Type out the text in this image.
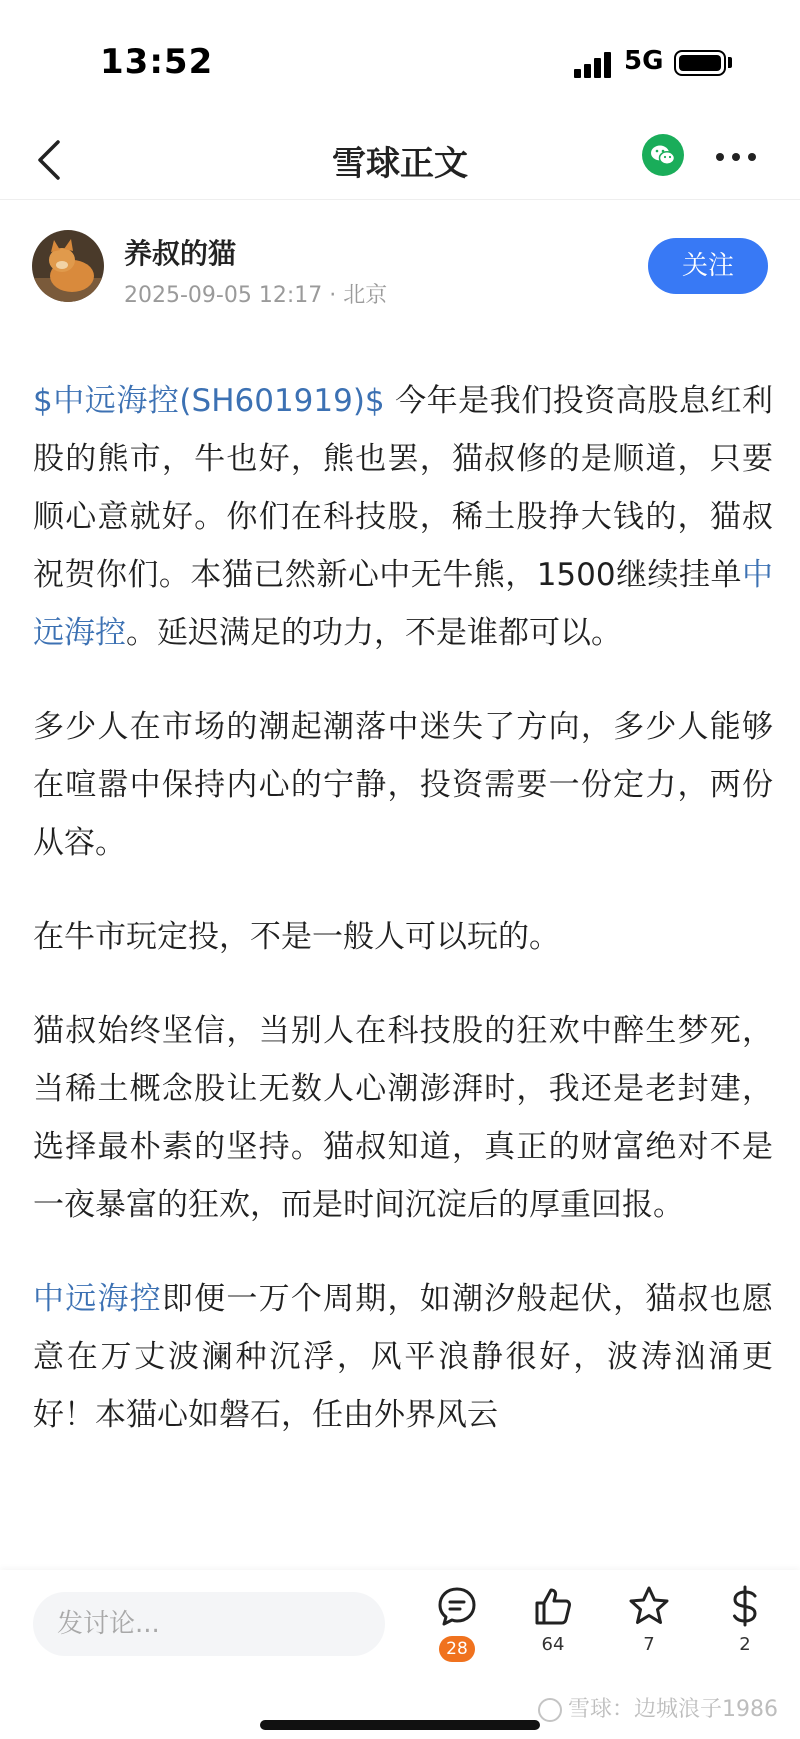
13:52	5G
雪球正文
养叔的猫
2025-09-05 12:17 · 北京
关注

$中远海控(SH601919)$ 今年是我们投资高股息红利股的熊市，牛也好，熊也罢，猫叔修的是顺道，只要顺心意就好。你们在科技股，稀土股挣大钱的，猫叔祝贺你们。本猫已然新心中无牛熊，1500继续挂单中远海控。延迟满足的功力，不是谁都可以。

多少人在市场的潮起潮落中迷失了方向，多少人能够在喧嚣中保持内心的宁静，投资需要一份定力，两份从容。

在牛市玩定投，不是一般人可以玩的。

猫叔始终坚信，当别人在科技股的狂欢中醉生梦死，当稀土概念股让无数人心潮澎湃时，我还是老封建，选择最朴素的坚持。猫叔知道，真正的财富绝对不是一夜暴富的狂欢，而是时间沉淀后的厚重回报。

中远海控即便一万个周期，如潮汐般起伏，猫叔也愿意在万丈波澜种沉浮，风平浪静很好，波涛汹涌更好！本猫心如磐石，任由外界风云

发讨论...
28	64	7	2
雪球：边城浪子1986
